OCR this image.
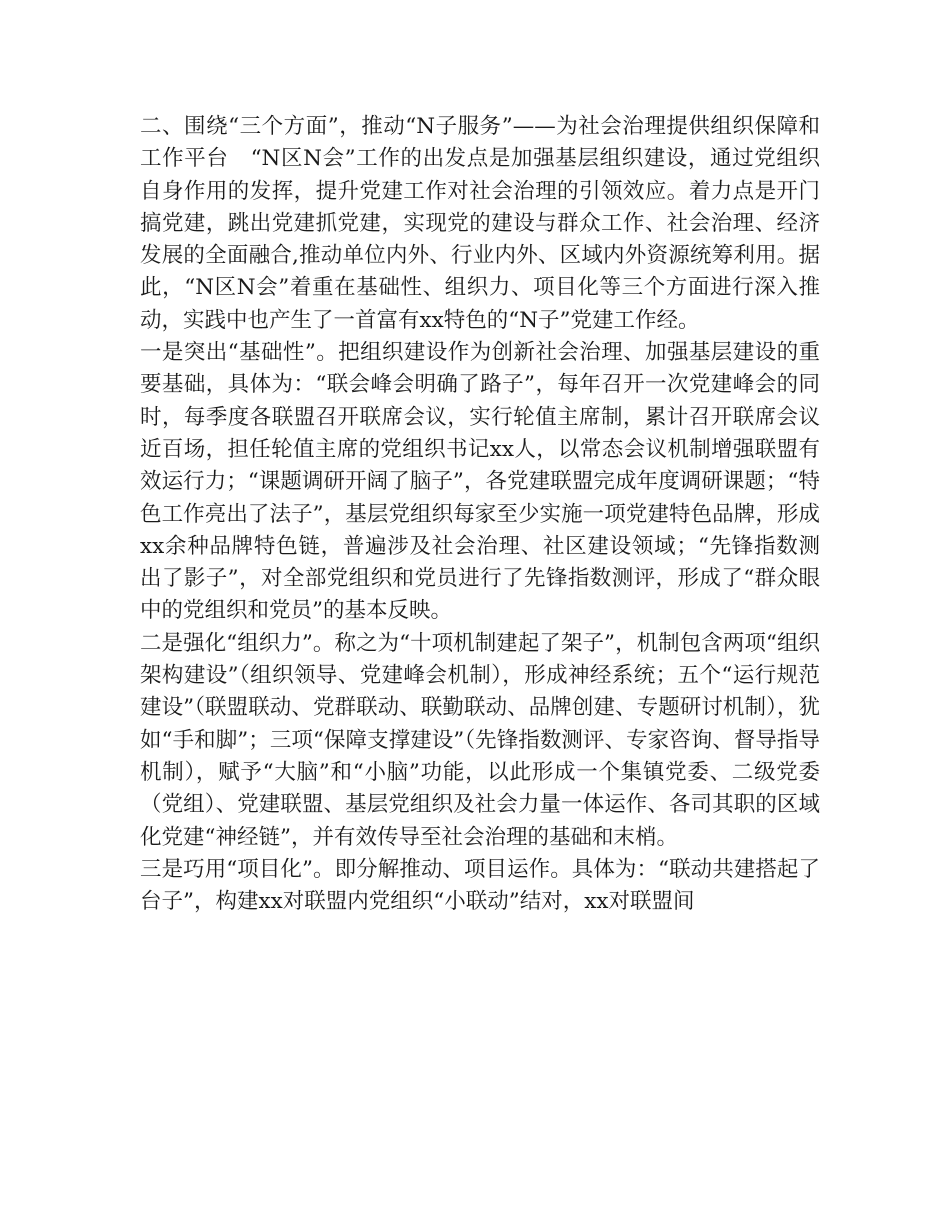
二、围绕“三个方面”，推动“N子服务”——为社会治理提供组织保障和工作平台　“N区N会”工作的出发点是加强基层组织建设，通过党组织自身作用的发挥，提升党建工作对社会治理的引领效应。着力点是开门搞党建，跳出党建抓党建，实现党的建设与群众工作、社会治理、经济发展的全面融合,推动单位内外、行业内外、区域内外资源统筹利用。据此，“N区N会”着重在基础性、组织力、项目化等三个方面进行深入推动，实践中也产生了一首富有xx特色的“N子”党建工作经。

一是突出“基础性”。把组织建设作为创新社会治理、加强基层建设的重要基础，具体为：“联会峰会明确了路子”，每年召开一次党建峰会的同时，每季度各联盟召开联席会议，实行轮值主席制，累计召开联席会议近百场，担任轮值主席的党组织书记xx人，以常态会议机制增强联盟有效运行力；“课题调研开阔了脑子”，各党建联盟完成年度调研课题；“特色工作亮出了法子”，基层党组织每家至少实施一项党建特色品牌，形成xx余种品牌特色链，普遍涉及社会治理、社区建设领域；“先锋指数测出了影子”，对全部党组织和党员进行了先锋指数测评，形成了“群众眼中的党组织和党员”的基本反映。

二是强化“组织力”。称之为“十项机制建起了架子”，机制包含两项“组织架构建设”（组织领导、党建峰会机制），形成神经系统；五个“运行规范建设”（联盟联动、党群联动、联勤联动、品牌创建、专题研讨机制），犹如“手和脚”；三项“保障支撑建设”（先锋指数测评、专家咨询、督导指导机制），赋予“大脑”和“小脑”功能，以此形成一个集镇党委、二级党委（党组）、党建联盟、基层党组织及社会力量一体运作、各司其职的区域化党建“神经链”，并有效传导至社会治理的基础和末梢。

三是巧用“项目化”。即分解推动、项目运作。具体为：“联动共建搭起了台子”，构建xx对联盟内党组织“小联动”结对，xx对联盟间
